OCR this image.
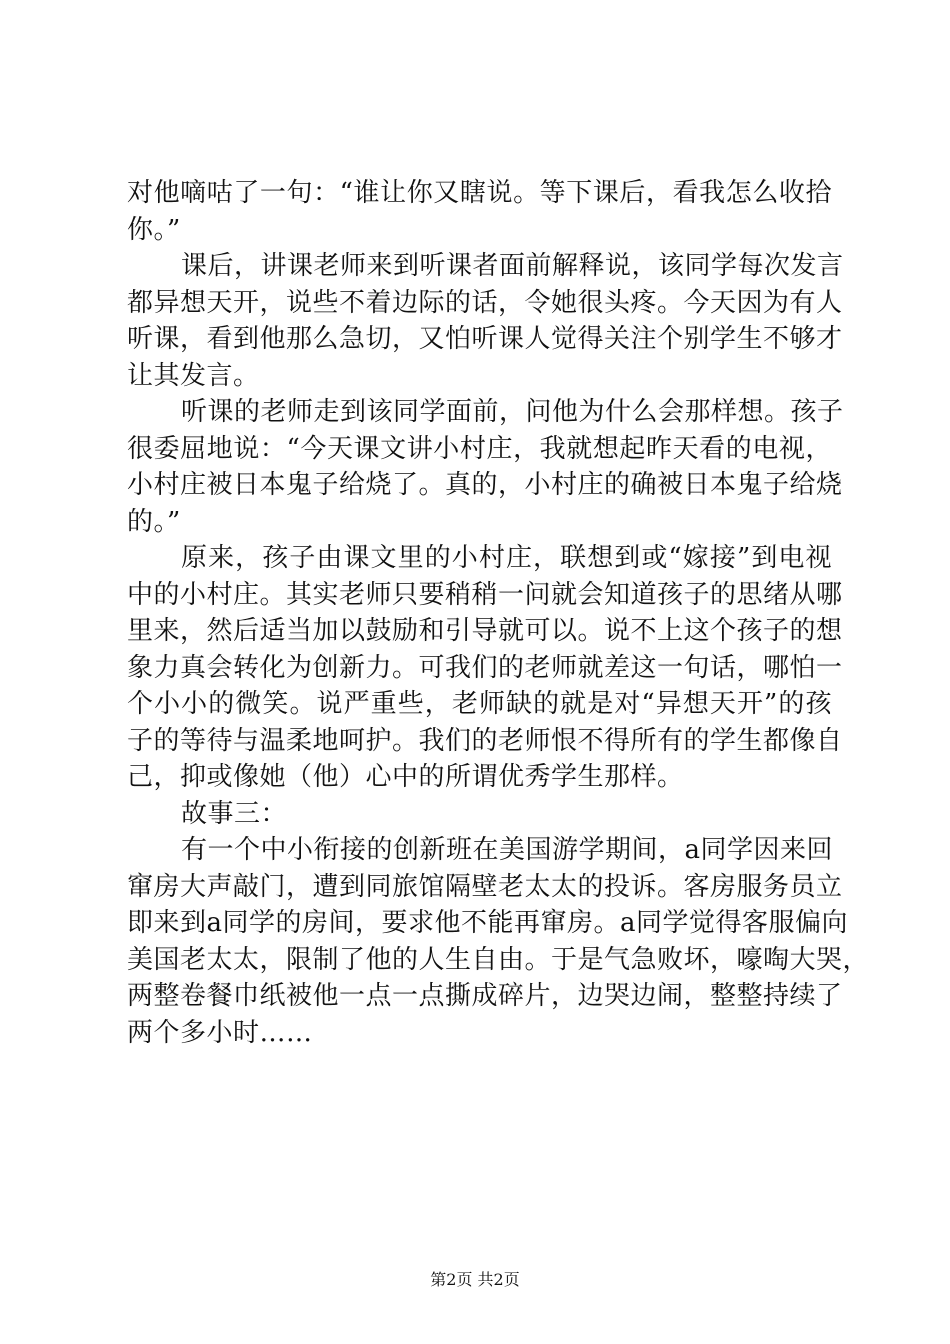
对他嘀咕了一句：“谁让你又瞎说。等下课后，看我怎么收拾
你。”
课后，讲课老师来到听课者面前解释说，该同学每次发言
都异想天开，说些不着边际的话，令她很头疼。今天因为有人
听课，看到他那么急切，又怕听课人觉得关注个别学生不够才
让其发言。
听课的老师走到该同学面前，问他为什么会那样想。孩子
很委屈地说：“今天课文讲小村庄，我就想起昨天看的电视，
小村庄被日本鬼子给烧了。真的，小村庄的确被日本鬼子给烧
的。”
原来，孩子由课文里的小村庄，联想到或“嫁接”到电视
中的小村庄。其实老师只要稍稍一问就会知道孩子的思绪从哪
里来，然后适当加以鼓励和引导就可以。说不上这个孩子的想
象力真会转化为创新力。可我们的老师就差这一句话，哪怕一
个小小的微笑。说严重些，老师缺的就是对“异想天开”的孩
子的等待与温柔地呵护。我们的老师恨不得所有的学生都像自
己，抑或像她（他）心中的所谓优秀学生那样。
故事三：
有一个中小衔接的创新班在美国游学期间，a同学因来回
窜房大声敲门，遭到同旅馆隔壁老太太的投诉。客房服务员立
即来到a同学的房间，要求他不能再窜房。a同学觉得客服偏向
美国老太太，限制了他的人生自由。于是气急败坏，嚎啕大哭，
两整卷餐巾纸被他一点一点撕成碎片，边哭边闹，整整持续了
两个多小时……
第2页 共2页
